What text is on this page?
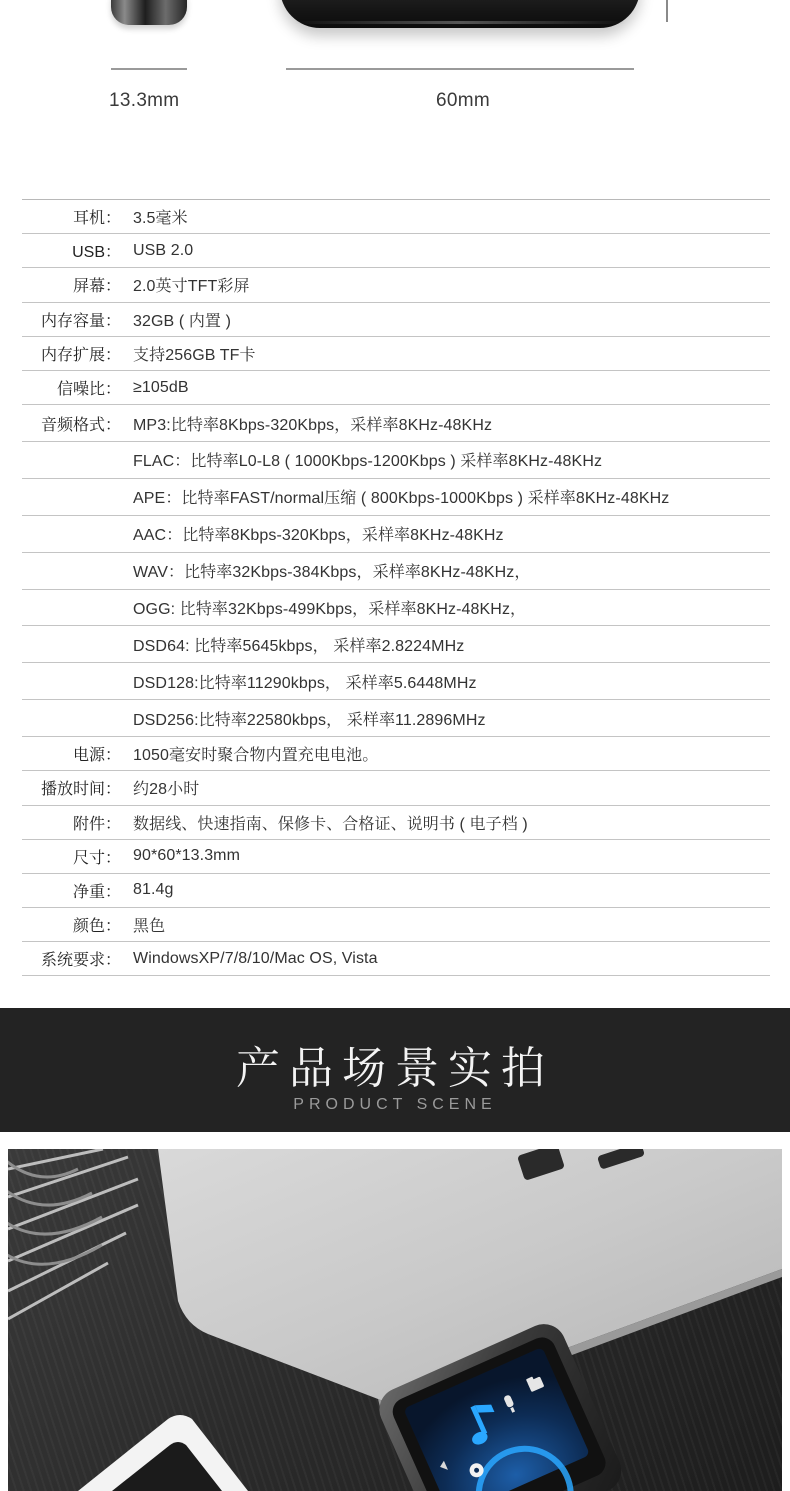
13.3mm	60mm
耳机： 3.5毫米
USB： USB 2.0
屏幕： 2.0英寸TFT彩屏
内存容量： 32GB ( 内置 )
内存扩展： 支持256GB TF卡
信噪比： ≥105dB
音频格式： MP3:比特率8Kbps-320Kbps，采样率8KHz-48KHz
FLAC：比特率L0-L8 ( 1000Kbps-1200Kbps ) 采样率8KHz-48KHz
APE：比特率FAST/normal压缩 ( 800Kbps-1000Kbps ) 采样率8KHz-48KHz
AAC：比特率8Kbps-320Kbps，采样率8KHz-48KHz
WAV：比特率32Kbps-384Kbps，采样率8KHz-48KHz，
OGG: 比特率32Kbps-499Kbps，采样率8KHz-48KHz，
DSD64: 比特率5645kbps， 采样率2.8224MHz
DSD128:比特率11290kbps， 采样率5.6448MHz
DSD256:比特率22580kbps， 采样率11.2896MHz
电源： 1050毫安时聚合物内置充电电池。
播放时间： 约28小时
附件： 数据线、快速指南、保修卡、合格证、说明书 ( 电子档 )
尺寸： 90*60*13.3mm
净重： 81.4g
颜色： 黑色
系统要求： WindowsXP/7/8/10/Mac OS, Vista
产品场景实拍
PRODUCT SCENE
